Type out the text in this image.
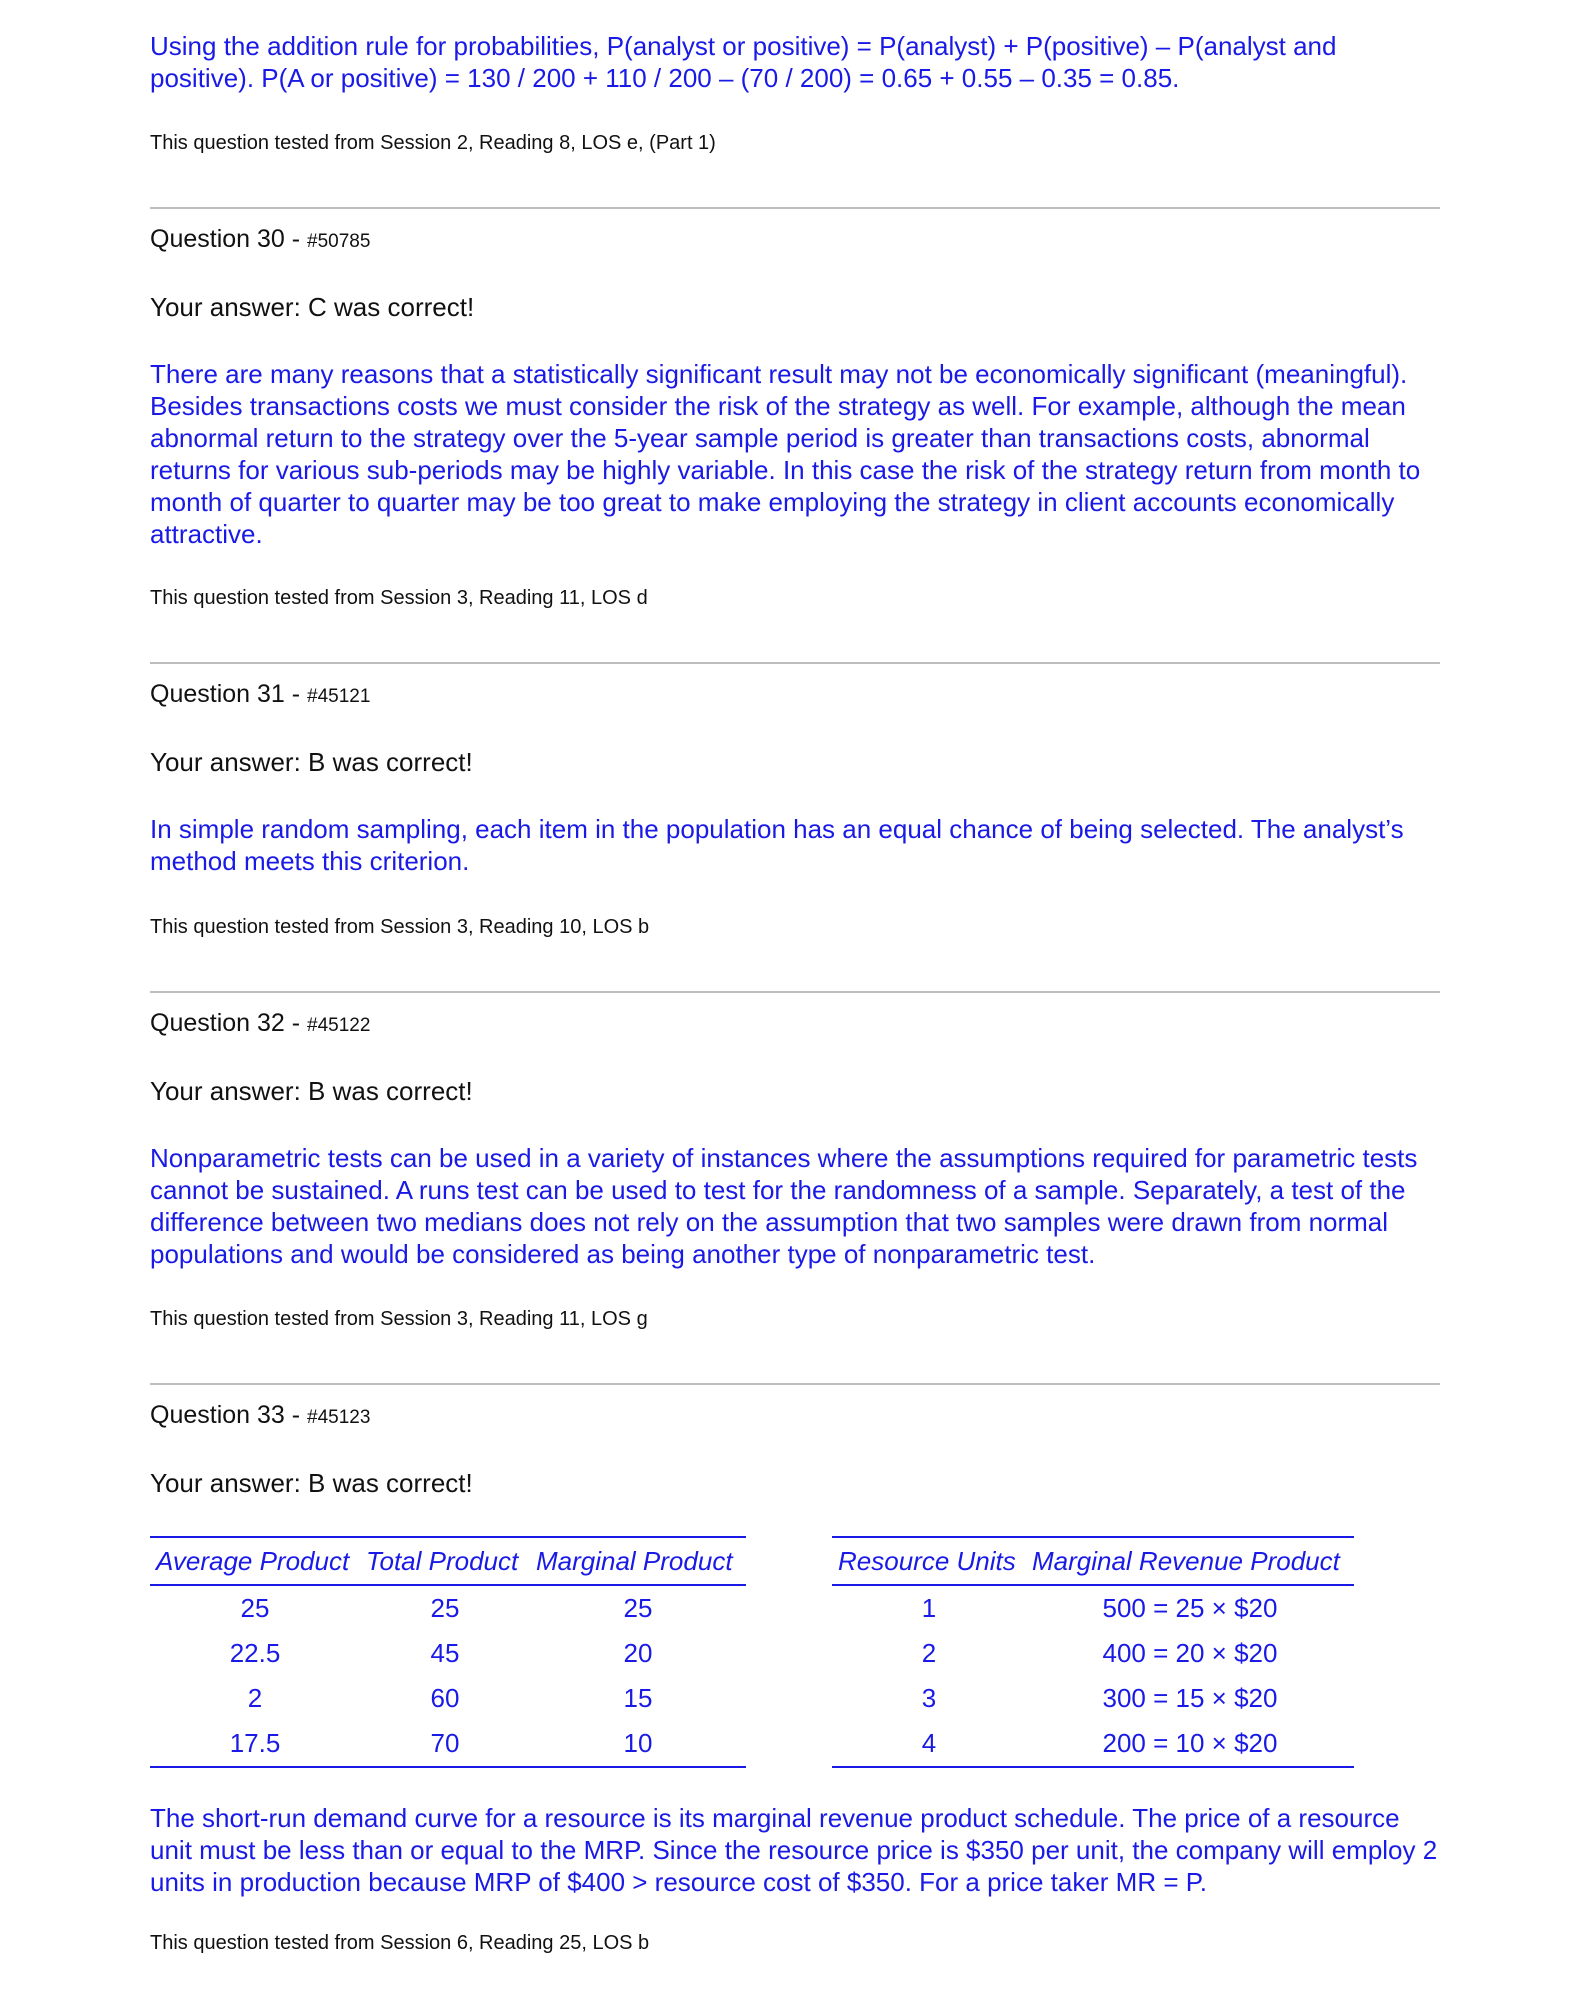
Using the addition rule for probabilities, P(analyst or positive) = P(analyst) + P(positive) – P(analyst and positive). P(A or positive) = 130 / 200 + 110 / 200 – (70 / 200) = 0.65 + 0.55 – 0.35 = 0.85.

This question tested from Session 2, Reading 8, LOS e, (Part 1)

Question 30 - #50785

Your answer: C was correct!

There are many reasons that a statistically significant result may not be economically significant (meaningful). Besides transactions costs we must consider the risk of the strategy as well. For example, although the mean abnormal return to the strategy over the 5-year sample period is greater than transactions costs, abnormal returns for various sub-periods may be highly variable. In this case the risk of the strategy return from month to month of quarter to quarter may be too great to make employing the strategy in client accounts economically attractive.

This question tested from Session 3, Reading 11, LOS d

Question 31 - #45121

Your answer: B was correct!

In simple random sampling, each item in the population has an equal chance of being selected. The analyst’s method meets this criterion.

This question tested from Session 3, Reading 10, LOS b

Question 32 - #45122

Your answer: B was correct!

Nonparametric tests can be used in a variety of instances where the assumptions required for parametric tests cannot be sustained. A runs test can be used to test for the randomness of a sample. Separately, a test of the difference between two medians does not rely on the assumption that two samples were drawn from normal populations and would be considered as being another type of nonparametric test.

This question tested from Session 3, Reading 11, LOS g

Question 33 - #45123

Your answer: B was correct!

Average Product	Total Product	Marginal Product
25	25	25
22.5	45	20
2	60	15
17.5	70	10
Resource Units	Marginal Revenue Product
1	500 = 25 × $20
2	400 = 20 × $20
3	300 = 15 × $20
4	200 = 10 × $20

The short-run demand curve for a resource is its marginal revenue product schedule. The price of a resource unit must be less than or equal to the MRP. Since the resource price is $350 per unit, the company will employ 2 units in production because MRP of $400 > resource cost of $350. For a price taker MR = P.

This question tested from Session 6, Reading 25, LOS b
